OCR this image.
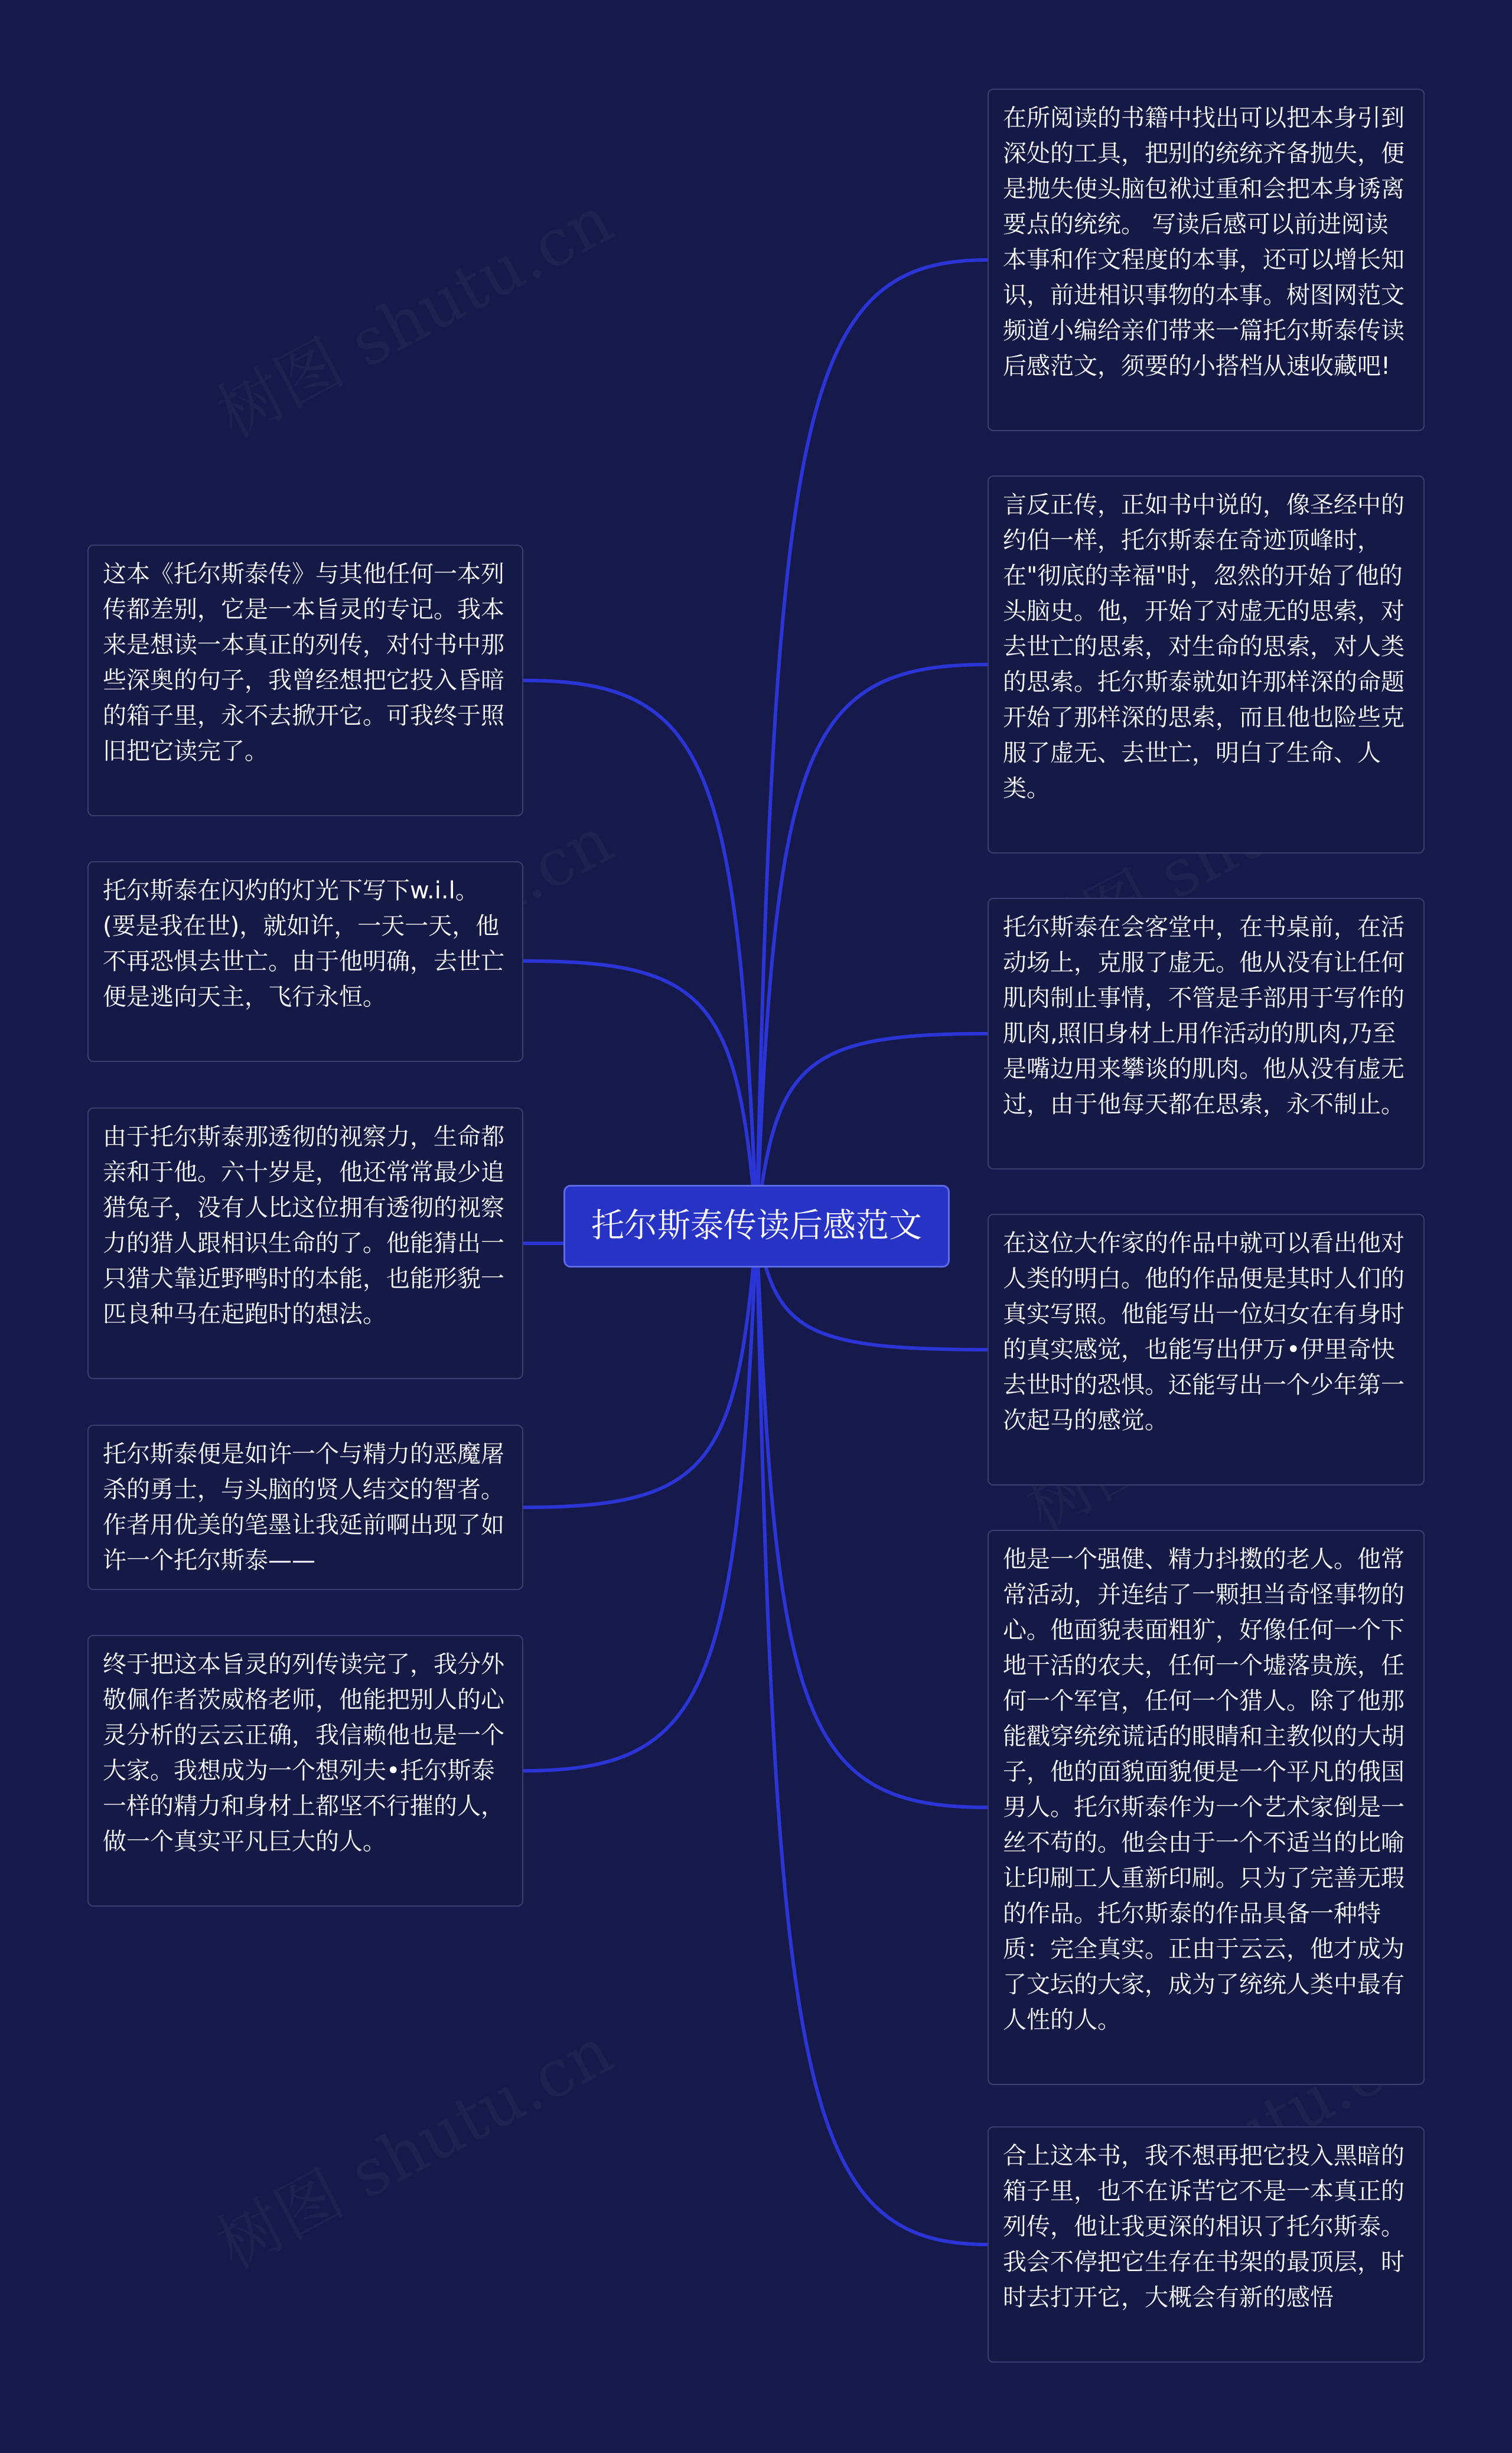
这本《托尔斯泰传》与其他任何一本列传都差别，它是一本旨灵的专记。我本来是想读一本真正的列传，对付书中那些深奥的句子，我曾经想把它投入昏暗的箱子里，永不去掀开它。可我终于照旧把它读完了。
托尔斯泰在闪灼的灯光下写下w.i.l。(要是我在世)，就如许，一天一天，他不再恐惧去世亡。由于他明确，去世亡便是逃向天主，飞行永恒。
由于托尔斯泰那透彻的视察力，生命都亲和于他。六十岁是，他还常常最少追猎兔子，没有人比这位拥有透彻的视察力的猎人跟相识生命的了。他能猜出一只猎犬靠近野鸭时的本能，也能形貌一匹良种马在起跑时的想法。
托尔斯泰便是如许一个与精力的恶魔屠杀的勇士，与头脑的贤人结交的智者。作者用优美的笔墨让我延前啊出现了如许一个托尔斯泰——
终于把这本旨灵的列传读完了，我分外敬佩作者茨威格老师，他能把别人的心灵分析的云云正确，我信赖他也是一个大家。我想成为一个想列夫•托尔斯泰一样的精力和身材上都坚不行摧的人，做一个真实平凡巨大的人。
托尔斯泰传读后感范文
在所阅读的书籍中找出可以把本身引到深处的工具，把别的统统齐备抛失，便是抛失使头脑包袱过重和会把本身诱离要点的统统。 写读后感可以前进阅读本事和作文程度的本事，还可以增长知识，前进相识事物的本事。树图网范文频道小编给亲们带来一篇托尔斯泰传读后感范文，须要的小搭档从速收藏吧!
言反正传，正如书中说的，像圣经中的约伯一样，托尔斯泰在奇迹顶峰时，在"彻底的幸福"时，忽然的开始了他的头脑史。他，开始了对虚无的思索，对去世亡的思索，对生命的思索，对人类的思索。托尔斯泰就如许那样深的命题开始了那样深的思索，而且他也险些克服了虚无、去世亡，明白了生命、人类。
托尔斯泰在会客堂中，在书桌前，在活动场上，克服了虚无。他从没有让任何肌肉制止事情，不管是手部用于写作的肌肉,照旧身材上用作活动的肌肉,乃至是嘴边用来攀谈的肌肉。他从没有虚无过，由于他每天都在思索，永不制止。
在这位大作家的作品中就可以看出他对人类的明白。他的作品便是其时人们的真实写照。他能写出一位妇女在有身时的真实感觉，也能写出伊万•伊里奇快去世时的恐惧。还能写出一个少年第一次起马的感觉。
他是一个强健、精力抖擞的老人。他常常活动，并连结了一颗担当奇怪事物的心。他面貌表面粗犷，好像任何一个下地干活的农夫，任何一个墟落贵族，任何一个军官，任何一个猎人。除了他那能戳穿统统谎话的眼睛和主教似的大胡子，他的面貌面貌便是一个平凡的俄国男人。托尔斯泰作为一个艺术家倒是一丝不苟的。他会由于一个不适当的比喻让印刷工人重新印刷。只为了完善无瑕的作品。托尔斯泰的作品具备一种特质：完全真实。正由于云云，他才成为了文坛的大家，成为了统统人类中最有人性的人。
合上这本书，我不想再把它投入黑暗的箱子里，也不在诉苦它不是一本真正的列传，他让我更深的相识了托尔斯泰。我会不停把它生存在书架的最顶层，时时去打开它，大概会有新的感悟
